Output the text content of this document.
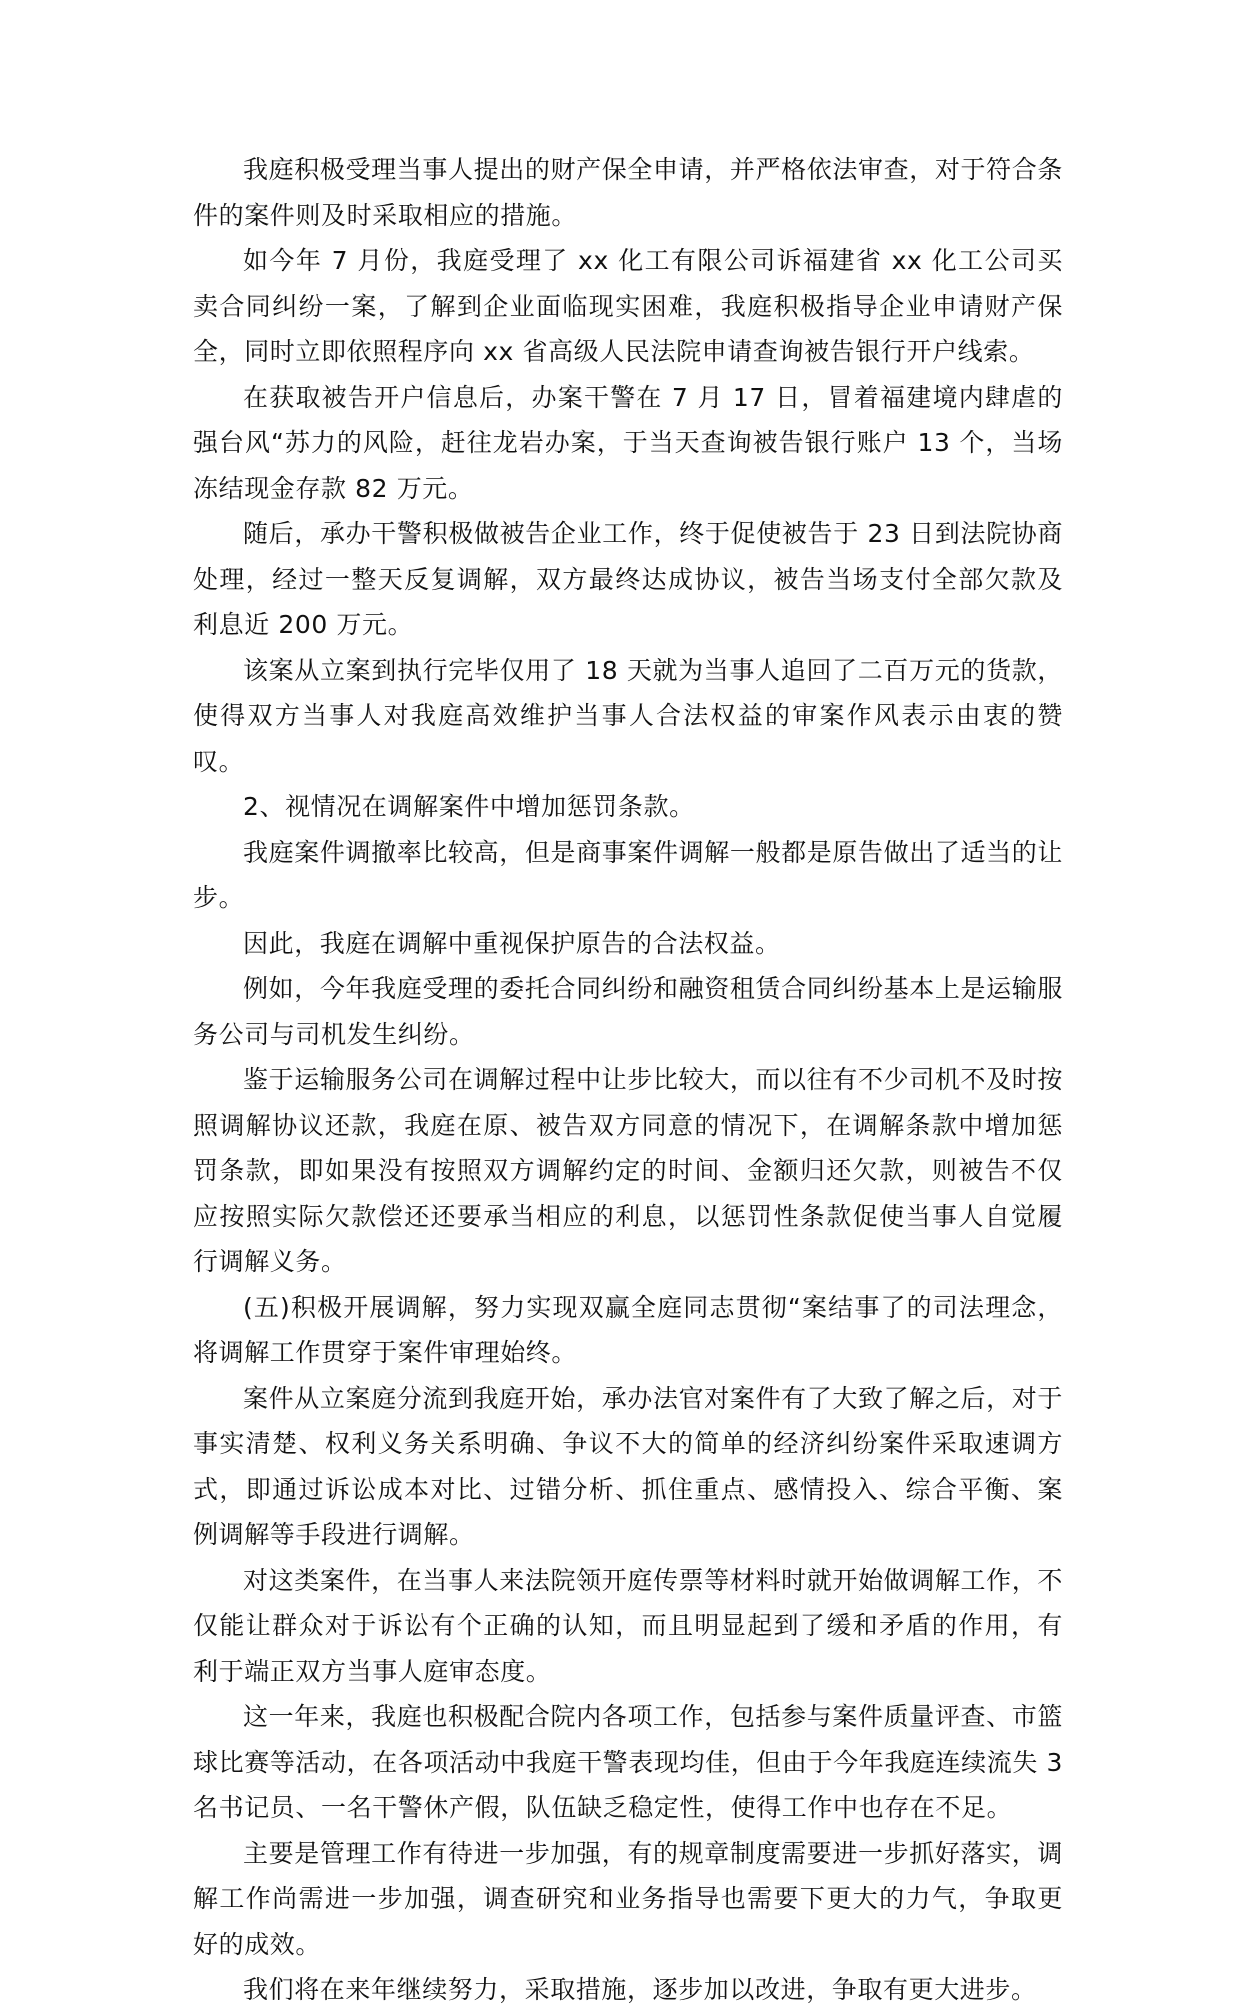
我庭积极受理当事人提出的财产保全申请，并严格依法审查，对于符合条件的案件则及时采取相应的措施。

如今年 7 月份，我庭受理了 xx 化工有限公司诉福建省 xx 化工公司买卖合同纠纷一案，了解到企业面临现实困难，我庭积极指导企业申请财产保全，同时立即依照程序向 xx 省高级人民法院申请查询被告银行开户线索。

在获取被告开户信息后，办案干警在 7 月 17 日，冒着福建境内肆虐的强台风“苏力的风险，赶往龙岩办案，于当天查询被告银行账户 13 个，当场冻结现金存款 82 万元。

随后，承办干警积极做被告企业工作，终于促使被告于 23 日到法院协商处理，经过一整天反复调解，双方最终达成协议，被告当场支付全部欠款及利息近 200 万元。

该案从立案到执行完毕仅用了 18 天就为当事人追回了二百万元的货款，使得双方当事人对我庭高效维护当事人合法权益的审案作风表示由衷的赞叹。

2、视情况在调解案件中增加惩罚条款。

我庭案件调撤率比较高，但是商事案件调解一般都是原告做出了适当的让步。

因此，我庭在调解中重视保护原告的合法权益。

例如，今年我庭受理的委托合同纠纷和融资租赁合同纠纷基本上是运输服务公司与司机发生纠纷。

鉴于运输服务公司在调解过程中让步比较大，而以往有不少司机不及时按照调解协议还款，我庭在原、被告双方同意的情况下，在调解条款中增加惩罚条款，即如果没有按照双方调解约定的时间、金额归还欠款，则被告不仅应按照实际欠款偿还还要承当相应的利息，以惩罚性条款促使当事人自觉履行调解义务。

(五)积极开展调解，努力实现双赢全庭同志贯彻“案结事了的司法理念，将调解工作贯穿于案件审理始终。

案件从立案庭分流到我庭开始，承办法官对案件有了大致了解之后，对于事实清楚、权利义务关系明确、争议不大的简单的经济纠纷案件采取速调方式，即通过诉讼成本对比、过错分析、抓住重点、感情投入、综合平衡、案例调解等手段进行调解。

对这类案件，在当事人来法院领开庭传票等材料时就开始做调解工作，不仅能让群众对于诉讼有个正确的认知，而且明显起到了缓和矛盾的作用，有利于端正双方当事人庭审态度。

这一年来，我庭也积极配合院内各项工作，包括参与案件质量评查、市篮球比赛等活动，在各项活动中我庭干警表现均佳，但由于今年我庭连续流失 3 名书记员、一名干警休产假，队伍缺乏稳定性，使得工作中也存在不足。

主要是管理工作有待进一步加强，有的规章制度需要进一步抓好落实，调解工作尚需进一步加强，调查研究和业务指导也需要下更大的力气，争取更好的成效。

我们将在来年继续努力，采取措施，逐步加以改进，争取有更大进步。
